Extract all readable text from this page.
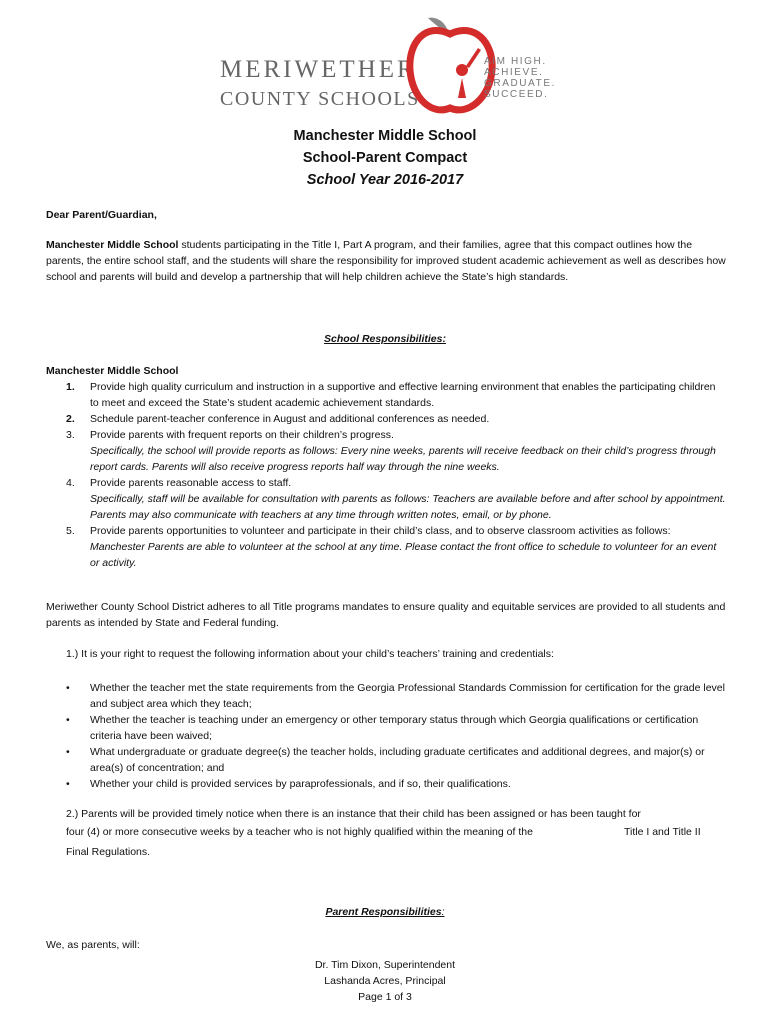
MERIWETHER
COUNTY SCHOOLS
AIM HIGH.
ACHIEVE.
GRADUATE.
SUCCEED.
Manchester Middle School
School-Parent Compact
School Year 2016-2017
Dear Parent/Guardian,
Manchester Middle School students participating in the Title I, Part A program, and their families, agree that this compact outlines how the parents, the entire school staff, and the students will share the responsibility for improved student academic achievement as well as describes how school and parents will build and develop a partnership that will help children achieve the State’s high standards.
School Responsibilities:
Manchester Middle School
1. Provide high quality curriculum and instruction in a supportive and effective learning environment that enables the participating children to meet and exceed the State’s student academic achievement standards.
2. Schedule parent-teacher conference in August and additional conferences as needed.
3. Provide parents with frequent reports on their children’s progress.
Specifically, the school will provide reports as follows: Every nine weeks, parents will receive feedback on their child’s progress through report cards. Parents will also receive progress reports half way through the nine weeks.
4. Provide parents reasonable access to staff.
Specifically, staff will be available for consultation with parents as follows: Teachers are available before and after school by appointment. Parents may also communicate with teachers at any time through written notes, email, or by phone.
5. Provide parents opportunities to volunteer and participate in their child’s class, and to observe classroom activities as follows:
Manchester Parents are able to volunteer at the school at any time. Please contact the front office to schedule to volunteer for an event or activity.
Meriwether County School District adheres to all Title programs mandates to ensure quality and equitable services are provided to all students and parents as intended by State and Federal funding.
1.) It is your right to request the following information about your child’s teachers’ training and credentials:
• Whether the teacher met the state requirements from the Georgia Professional Standards Commission for certification for the grade level and subject area which they teach;
• Whether the teacher is teaching under an emergency or other temporary status through which Georgia qualifications or certification criteria have been waived;
• What undergraduate or graduate degree(s) the teacher holds, including graduate certificates and additional degrees, and major(s) or area(s) of concentration; and
• Whether your child is provided services by paraprofessionals, and if so, their qualifications.
2.) Parents will be provided timely notice when there is an instance that their child has been assigned or has been taught for
four (4) or more consecutive weeks by a teacher who is not highly qualified within the meaning of the	Title I and Title II
Final Regulations.
Parent Responsibilities:
We, as parents, will:
Dr. Tim Dixon, Superintendent
Lashanda Acres, Principal
Page 1 of 3
